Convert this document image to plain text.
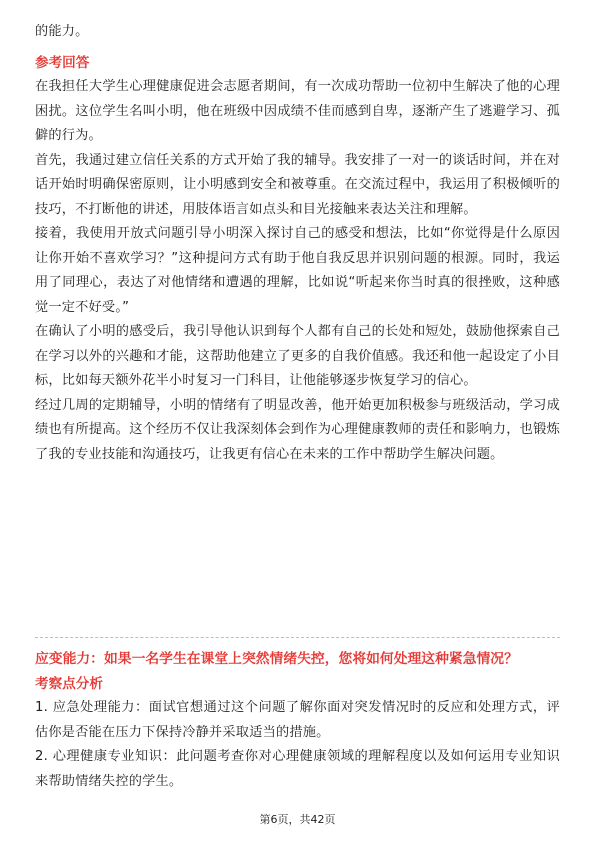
的能力。

参考回答

在我担任大学生心理健康促进会志愿者期间，有一次成功帮助一位初中生解决了他的心理困扰。这位学生名叫小明，他在班级中因成绩不佳而感到自卑，逐渐产生了逃避学习、孤僻的行为。

首先，我通过建立信任关系的方式开始了我的辅导。我安排了一对一的谈话时间，并在对话开始时明确保密原则，让小明感到安全和被尊重。在交流过程中，我运用了积极倾听的技巧，不打断他的讲述，用肢体语言如点头和目光接触来表达关注和理解。

接着，我使用开放式问题引导小明深入探讨自己的感受和想法，比如“你觉得是什么原因让你开始不喜欢学习？”这种提问方式有助于他自我反思并识别问题的根源。同时，我运用了同理心，表达了对他情绪和遭遇的理解，比如说“听起来你当时真的很挫败，这种感觉一定不好受。”

在确认了小明的感受后，我引导他认识到每个人都有自己的长处和短处，鼓励他探索自己在学习以外的兴趣和才能，这帮助他建立了更多的自我价值感。我还和他一起设定了小目标，比如每天额外花半小时复习一门科目，让他能够逐步恢复学习的信心。

经过几周的定期辅导，小明的情绪有了明显改善，他开始更加积极参与班级活动，学习成绩也有所提高。这个经历不仅让我深刻体会到作为心理健康教师的责任和影响力，也锻炼了我的专业技能和沟通技巧，让我更有信心在未来的工作中帮助学生解决问题。

应变能力：如果一名学生在课堂上突然情绪失控，您将如何处理这种紧急情况？

考察点分析

1. 应急处理能力：面试官想通过这个问题了解你面对突发情况时的反应和处理方式，评估你是否能在压力下保持冷静并采取适当的措施。

2. 心理健康专业知识：此问题考查你对心理健康领域的理解程度以及如何运用专业知识来帮助情绪失控的学生。

第6页，共42页
